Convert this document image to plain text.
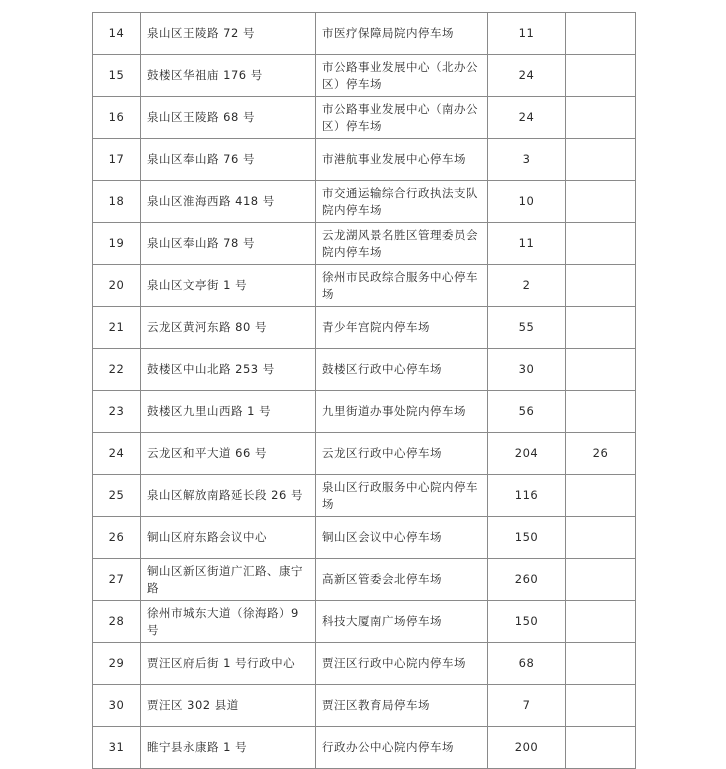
14	泉山区王陵路 72 号	市医疗保障局院内停车场	11	
15	鼓楼区华祖庙 176 号	市公路事业发展中心（北办公区）停车场	24	
16	泉山区王陵路 68 号	市公路事业发展中心（南办公区）停车场	24	
17	泉山区奉山路 76 号	市港航事业发展中心停车场	3	
18	泉山区淮海西路 418 号	市交通运输综合行政执法支队院内停车场	10	
19	泉山区奉山路 78 号	云龙湖风景名胜区管理委员会院内停车场	11	
20	泉山区文亭街 1 号	徐州市民政综合服务中心停车场	2	
21	云龙区黄河东路 80 号	青少年宫院内停车场	55	
22	鼓楼区中山北路 253 号	鼓楼区行政中心停车场	30	
23	鼓楼区九里山西路 1 号	九里街道办事处院内停车场	56	
24	云龙区和平大道 66 号	云龙区行政中心停车场	204	26
25	泉山区解放南路延长段 26 号	泉山区行政服务中心院内停车场	116	
26	铜山区府东路会议中心	铜山区会议中心停车场	150	
27	铜山区新区街道广汇路、康宁路	高新区管委会北停车场	260	
28	徐州市城东大道（徐海路）9 号	科技大厦南广场停车场	150	
29	贾汪区府后街 1 号行政中心	贾汪区行政中心院内停车场	68	
30	贾汪区 302 县道	贾汪区教育局停车场	7	
31	睢宁县永康路 1 号	行政办公中心院内停车场	200	
